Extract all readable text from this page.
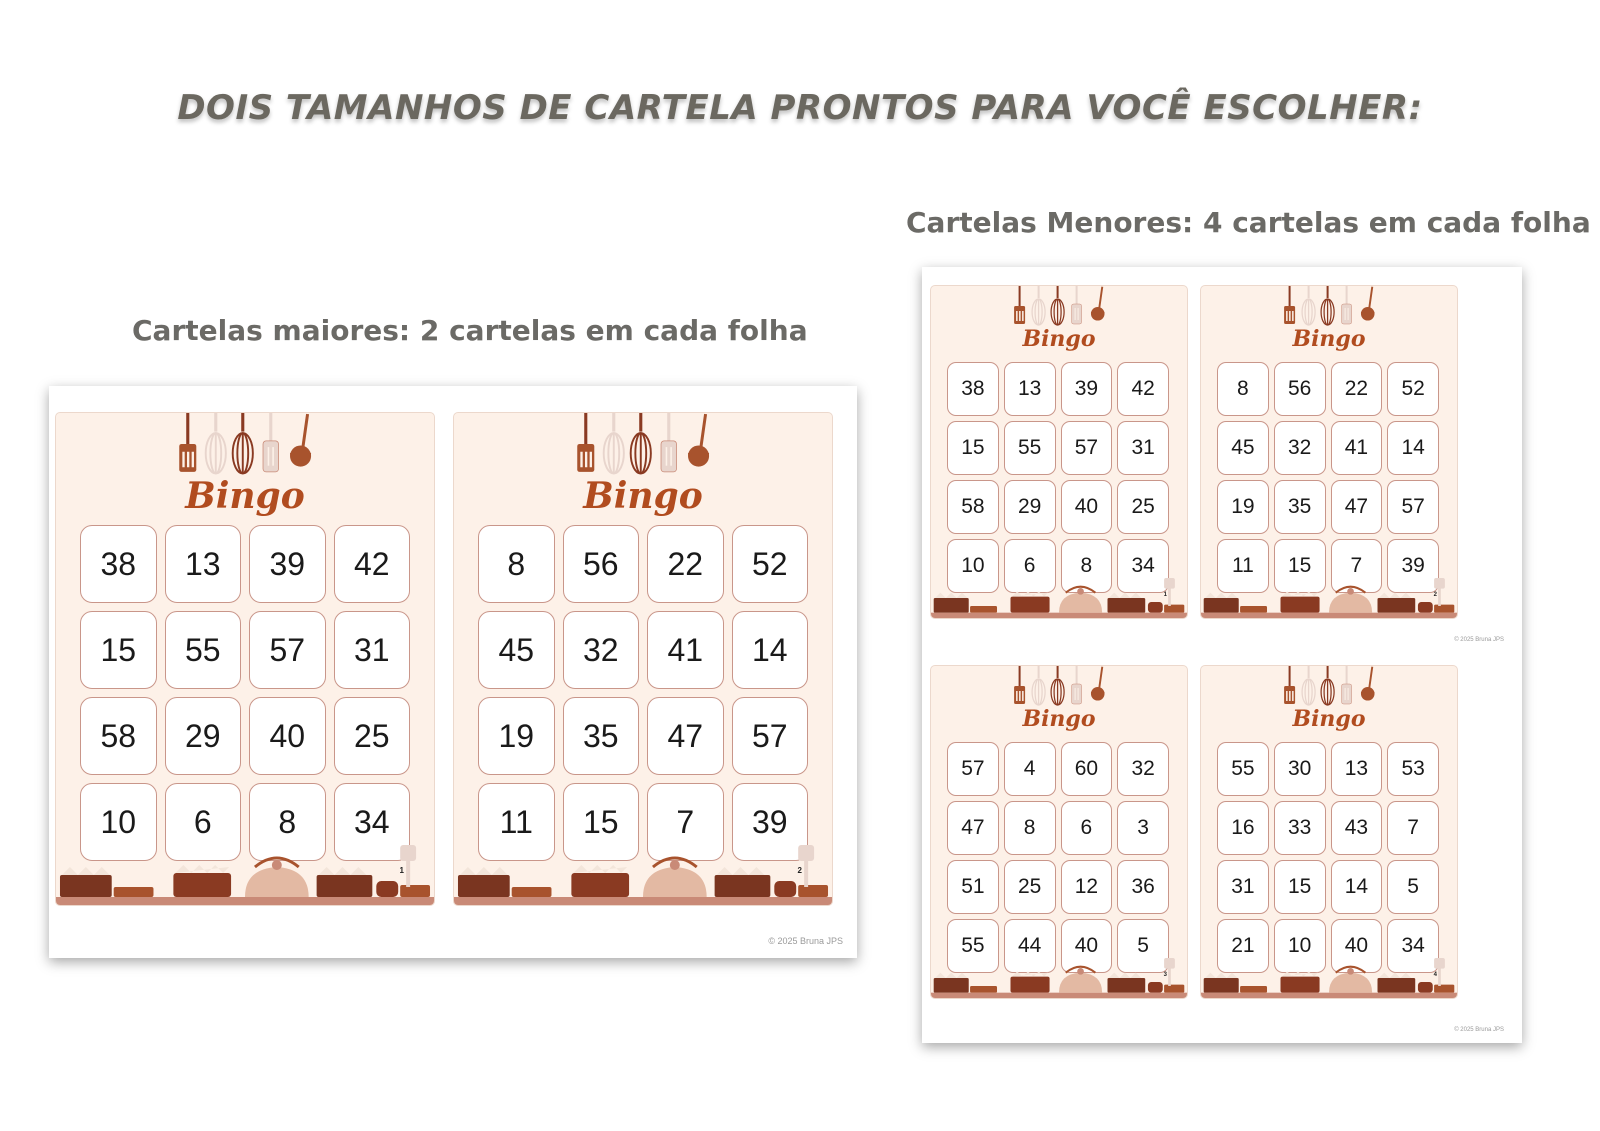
DOIS TAMANHOS DE CARTELA PRONTOS PARA VOCÊ ESCOLHER:
Cartelas maiores: 2 cartelas em cada folha
Cartelas Menores: 4 cartelas em cada folha
Bingo
38	13	39	42
15	55	57	31
58	29	40	25
10	6	8	34
1
Bingo
8	56	22	52
45	32	41	14
19	35	47	57
11	15	7	39
2
© 2025 Bruna JPS
Bingo
38	13	39	42
15	55	57	31
58	29	40	25
10	6	8	34
1
Bingo
8	56	22	52
45	32	41	14
19	35	47	57
11	15	7	39
2
Bingo
57	4	60	32
47	8	6	3
51	25	12	36
55	44	40	5
3
Bingo
55	30	13	53
16	33	43	7
31	15	14	5
21	10	40	34
4
© 2025 Bruna JPS
© 2025 Bruna JPS
